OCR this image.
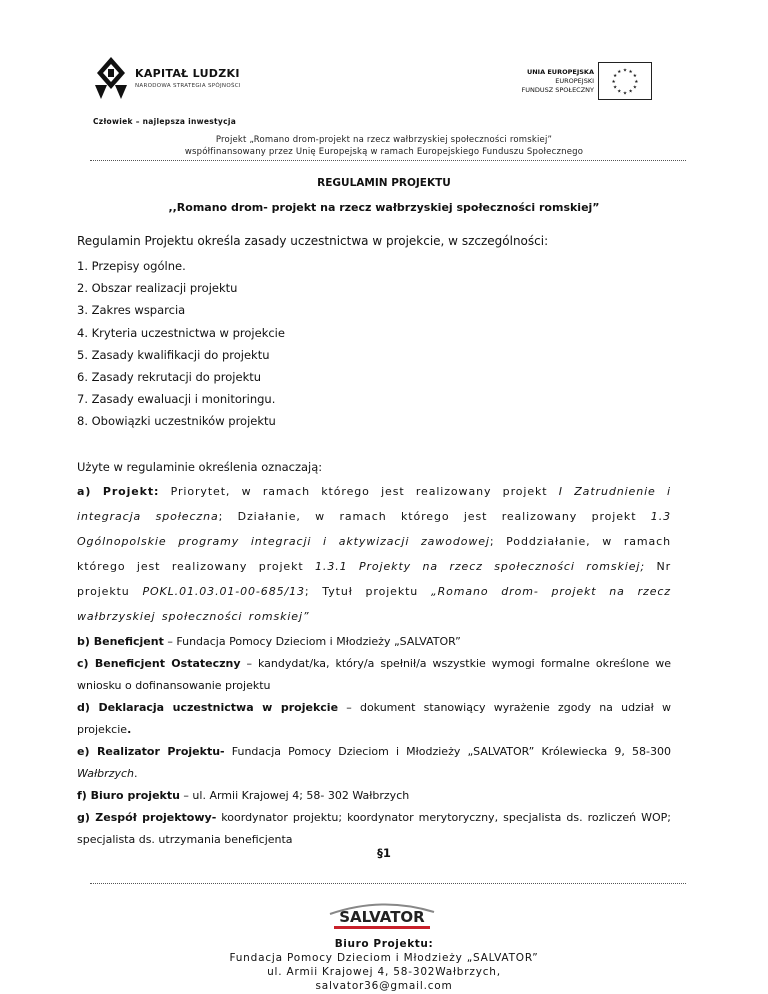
KAPITAŁ LUDZKI
NARODOWA STRATEGIA SPÓJNOŚCI
UNIA EUROPEJSKA
EUROPEJSKI
FUNDUSZ SPOŁECZNY
★
★
★
★
★
★
★
★
★ ★ ★
★
Człowiek – najlepsza inwestycja
Projekt „Romano drom-projekt na rzecz wałbrzyskiej społeczności romskiej”
współfinansowany przez Unię Europejską w ramach Europejskiego Funduszu Społecznego
REGULAMIN PROJEKTU
,,Romano drom- projekt na rzecz wałbrzyskiej społeczności romskiej”
Regulamin Projektu określa zasady uczestnictwa w projekcie, w szczególności:
1. Przepisy ogólne.
2. Obszar realizacji projektu
3. Zakres wsparcia
4. Kryteria uczestnictwa w projekcie
5. Zasady kwalifikacji do projektu
6. Zasady rekrutacji do projektu
7. Zasady ewaluacji i monitoringu.
8. Obowiązki uczestników projektu
Użyte w regulaminie określenia oznaczają:

a) Projekt: Priorytet, w ramach którego jest realizowany projekt I Zatrudnienie i integracja społeczna; Działanie, w ramach którego jest realizowany projekt 1.3 Ogólnopolskie programy integracji i aktywizacji zawodowej; Poddziałanie, w ramach którego jest realizowany projekt 1.3.1 Projekty na rzecz społeczności romskiej; Nr projektu POKL.01.03.01-00-685/13; Tytuł projektu „Romano drom- projekt na rzecz wałbrzyskiej społeczności romskiej”

b) Beneficjent – Fundacja Pomocy Dzieciom i Młodzieży „SALVATOR”

c) Beneficjent Ostateczny – kandydat/ka, który/a spełnił/a wszystkie wymogi formalne określone we wniosku o dofinansowanie projektu

d) Deklaracja uczestnictwa w projekcie – dokument stanowiący wyrażenie zgody na udział w projekcie.

e) Realizator Projektu- Fundacja Pomocy Dzieciom i Młodzieży „SALVATOR” Królewiecka 9, 58-300 Wałbrzych.

f) Biuro projektu – ul. Armii Krajowej 4; 58- 302 Wałbrzych

g) Zespół projektowy- koordynator projektu; koordynator merytoryczny, specjalista ds. rozliczeń WOP; specjalista ds. utrzymania beneficjenta

§1
SALVATOR
Biuro Projektu:
Fundacja Pomocy Dzieciom i Młodzieży „SALVATOR”
ul. Armii Krajowej 4, 58-302Wałbrzych,
salvator36@gmail.com
